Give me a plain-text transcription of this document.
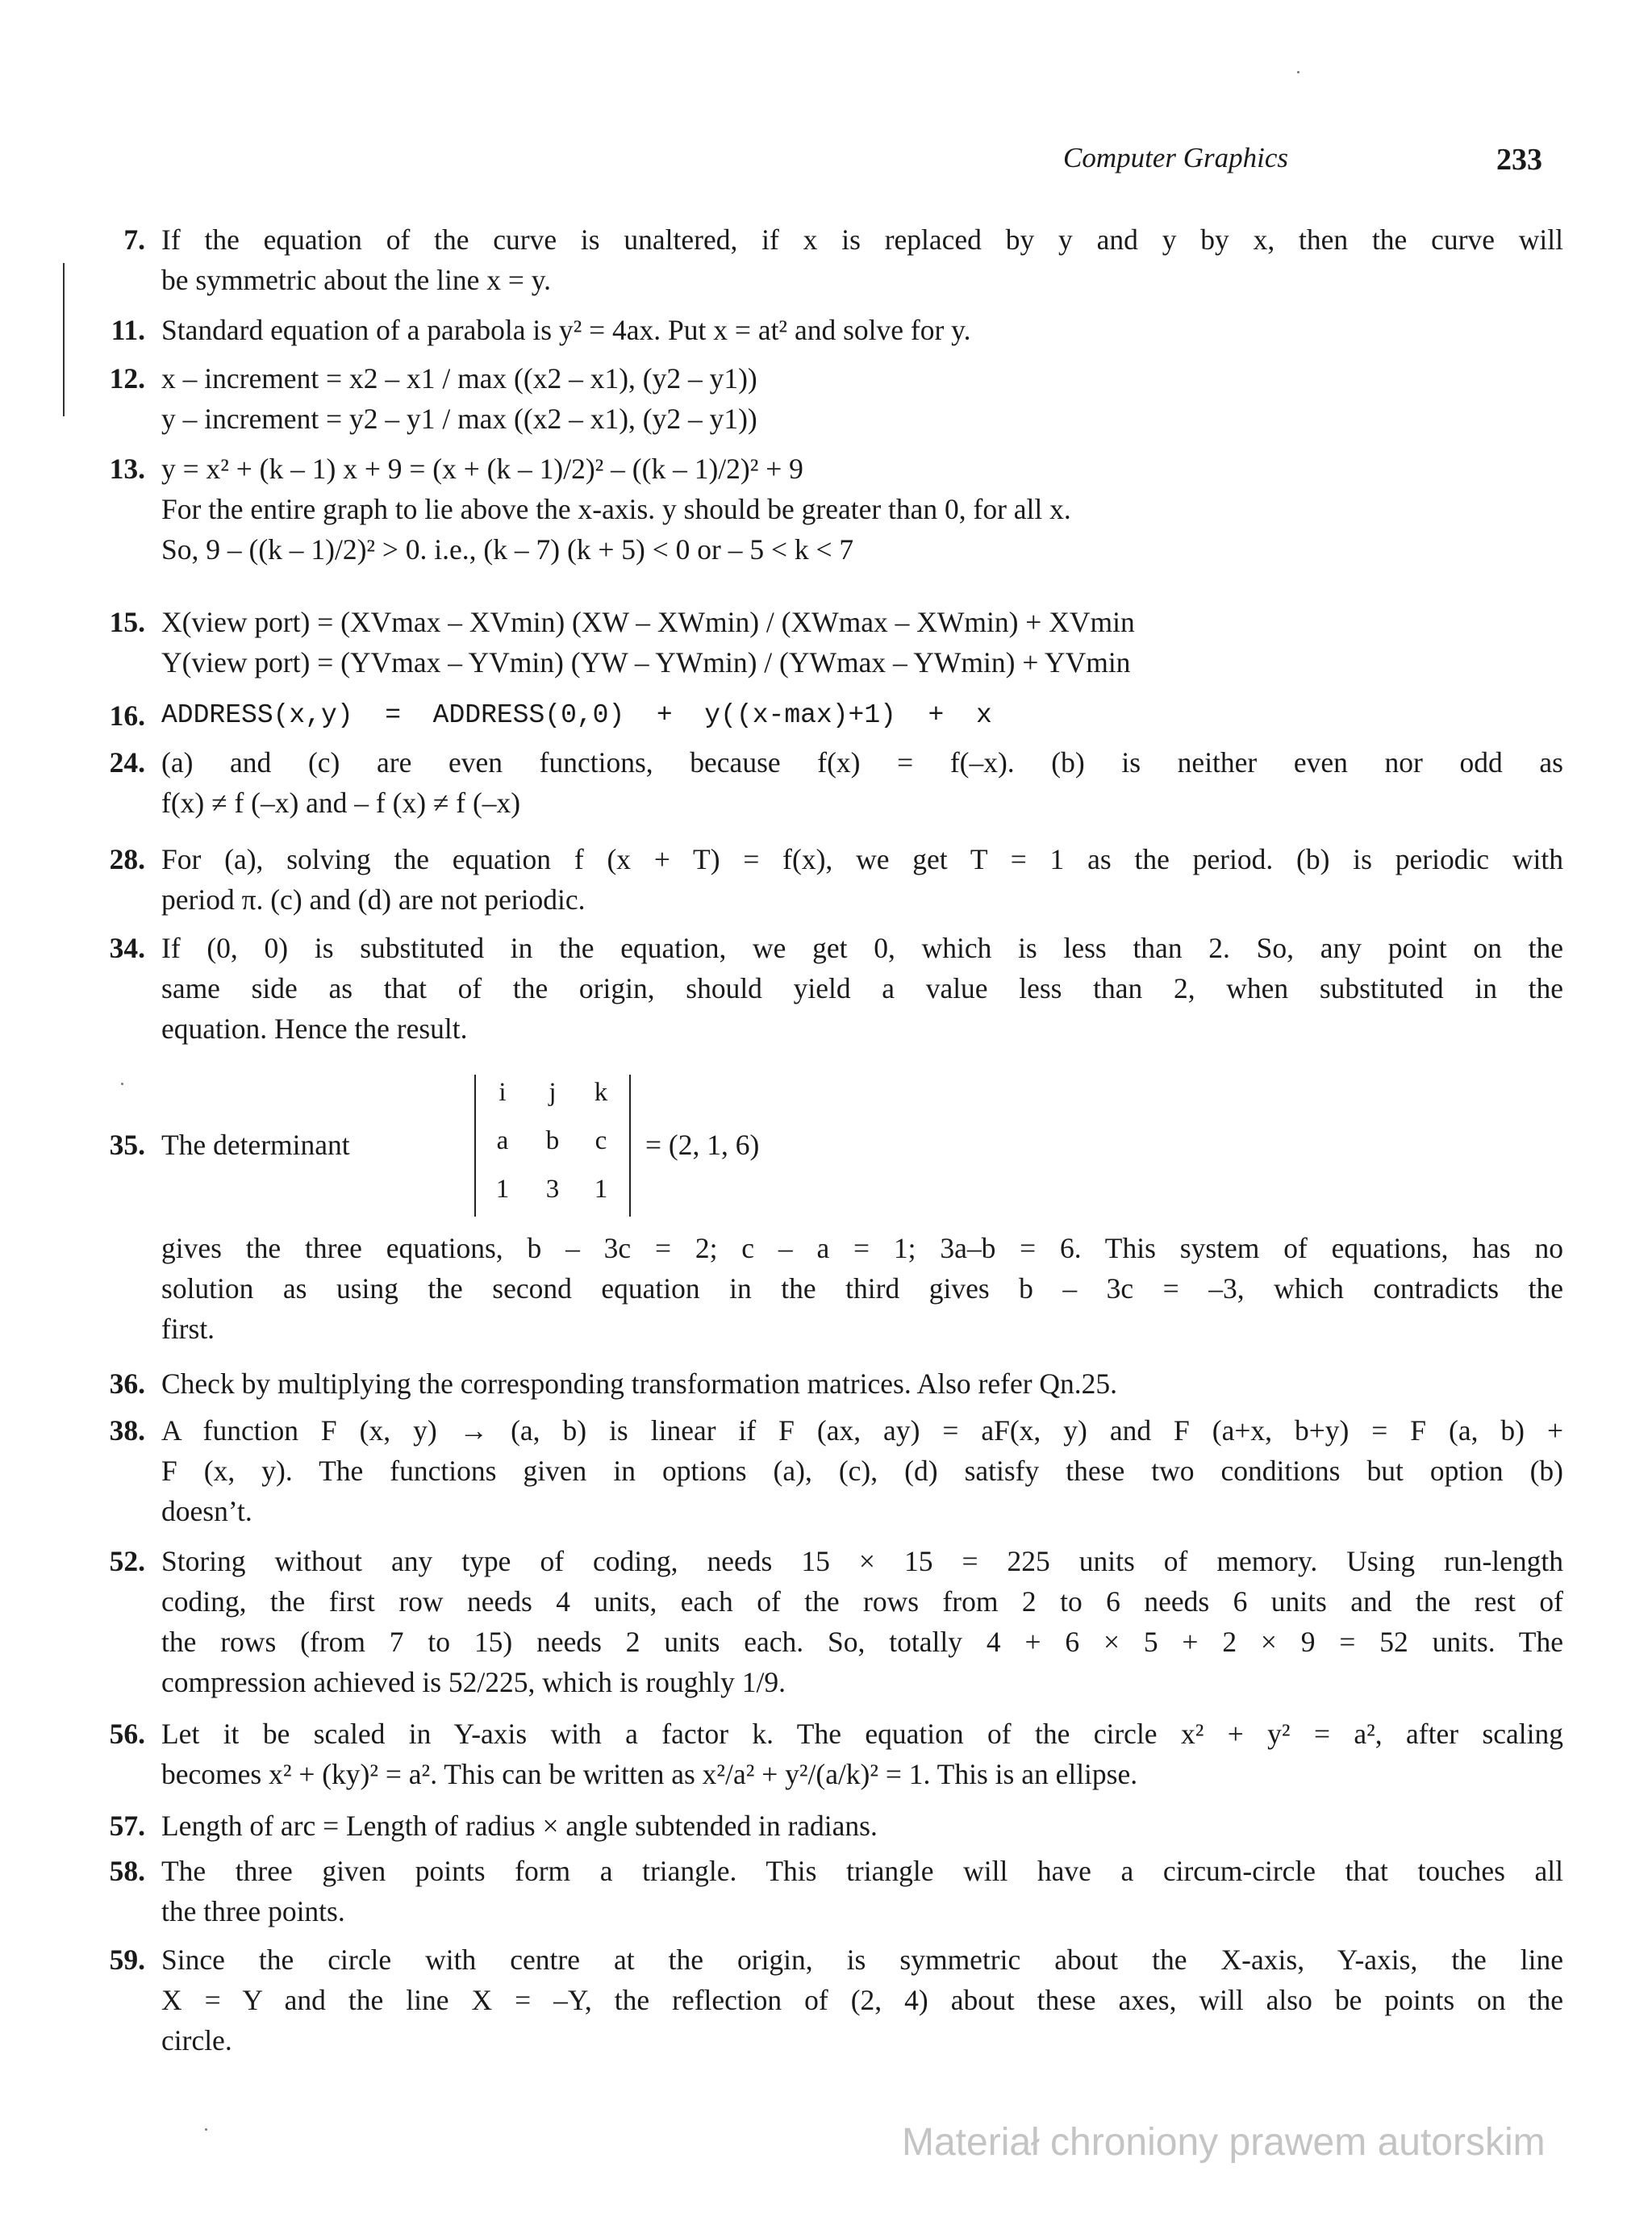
Computer Graphics	233
7. If the equation of the curve is unaltered, if x is replaced by y and y by x, then the curve will
be symmetric about the line x = y.
11. Standard equation of a parabola is y² = 4ax. Put x = at² and solve for y.
12. x – increment = x2 – x1 / max ((x2 – x1), (y2 – y1))
y – increment = y2 – y1 / max ((x2 – x1), (y2 – y1))
13. y = x² + (k – 1) x + 9 = (x + (k – 1)/2)² – ((k – 1)/2)² + 9
For the entire graph to lie above the x-axis. y should be greater than 0, for all x.
So, 9 – ((k – 1)/2)² > 0. i.e., (k – 7) (k + 5) < 0 or – 5 < k < 7
15. X(view port) = (XVmax – XVmin) (XW – XWmin) / (XWmax – XWmin) + XVmin
Y(view port) = (YVmax – YVmin) (YW – YWmin) / (YWmax – YWmin) + YVmin
16. ADDRESS(x,y)  =  ADDRESS(0,0)  +  y((x-max)+1)  +  x
24. (a) and (c) are even functions, because f(x) = f(–x). (b) is neither even nor odd as
f(x) ≠ f (–x) and – f (x) ≠ f (–x)
28. For (a), solving the equation f (x + T) = f(x), we get T = 1 as the period. (b) is periodic with
period π. (c) and (d) are not periodic.
34. If (0, 0) is substituted in the equation, we get 0, which is less than 2. So, any point on the
same side as that of the origin, should yield a value less than 2, when substituted in the
equation. Hence the result.
35. The determinant
i	j	k
a	b	c
1	3	1
= (2, 1, 6)
gives the three equations, b – 3c = 2; c – a = 1; 3a–b = 6. This system of equations, has no
solution as using the second equation in the third gives b – 3c = –3, which contradicts the
first.
36. Check by multiplying the corresponding transformation matrices. Also refer Qn.25.
38. A function F (x, y) → (a, b) is linear if F (ax, ay) = aF(x, y) and F (a+x, b+y) = F (a, b) +
F (x, y). The functions given in options (a), (c), (d) satisfy these two conditions but option (b)
doesn’t.
52. Storing without any type of coding, needs 15 × 15 = 225 units of memory. Using run-length
coding, the first row needs 4 units, each of the rows from 2 to 6 needs 6 units and the rest of
the rows (from 7 to 15) needs 2 units each. So, totally 4 + 6 × 5 + 2 × 9 = 52 units. The
compression achieved is 52/225, which is roughly 1/9.
56. Let it be scaled in Y-axis with a factor k. The equation of the circle x² + y² = a², after scaling
becomes x² + (ky)² = a². This can be written as x²/a² + y²/(a/k)² = 1. This is an ellipse.
57. Length of arc = Length of radius × angle subtended in radians.
58. The three given points form a triangle. This triangle will have a circum-circle that touches all
the three points.
59. Since the circle with centre at the origin, is symmetric about the X-axis, Y-axis, the line
X = Y and the line X = –Y, the reflection of (2, 4) about these axes, will also be points on the
circle.
Materiał chroniony prawem autorskim
